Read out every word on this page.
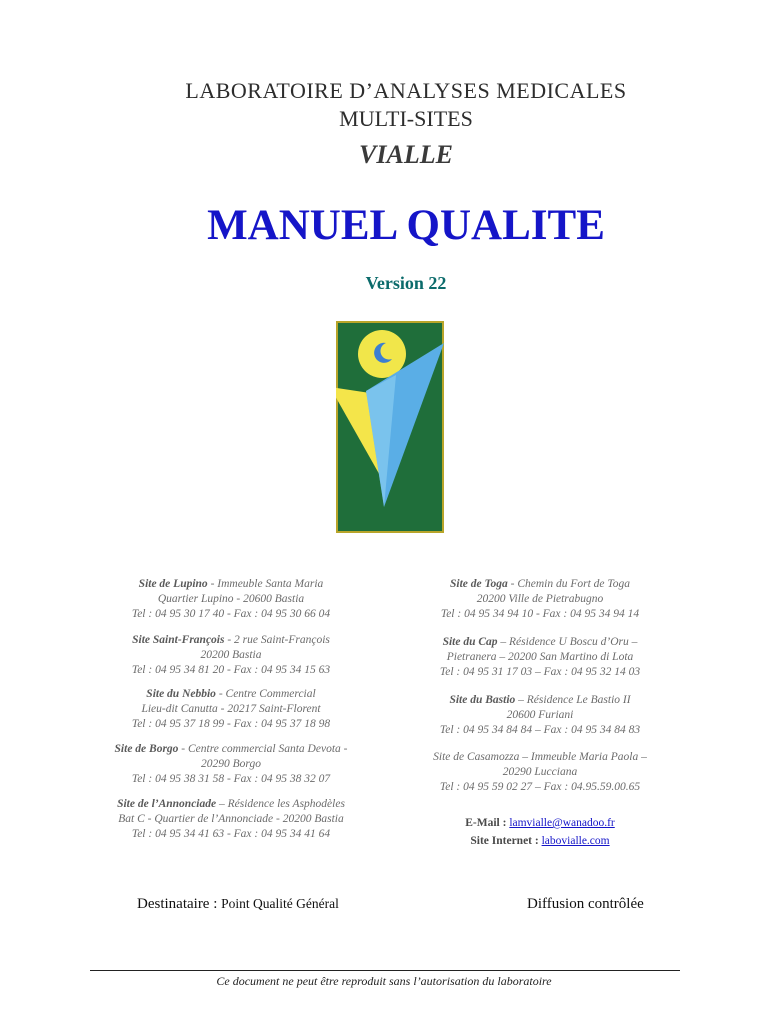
LABORATOIRE D’ANALYSES MEDICALES
MULTI-SITES
VIALLE
MANUEL QUALITE
Version 22
Site de Lupino - Immeuble Santa Maria
Quartier Lupino - 20600 Bastia
Tel : 04 95 30 17 40 - Fax : 04 95 30 66 04
Site Saint-François - 2 rue Saint-François
20200 Bastia
Tel : 04 95 34 81 20 - Fax : 04 95 34 15 63
Site du Nebbio - Centre Commercial
Lieu-dit Canutta - 20217 Saint-Florent
Tel : 04 95 37 18 99 - Fax : 04 95 37 18 98
Site de Borgo - Centre commercial Santa Devota -
20290 Borgo
Tel : 04 95 38 31 58 - Fax : 04 95 38 32 07
Site de l’Annonciade – Résidence les Asphodèles
Bat C - Quartier de l’Annonciade - 20200 Bastia
Tel : 04 95 34 41 63 - Fax : 04 95 34 41 64
Site de Toga - Chemin du Fort de Toga
20200 Ville de Pietrabugno
Tel : 04 95 34 94 10 - Fax : 04 95 34 94 14
Site du Cap – Résidence U Boscu d’Oru –
Pietranera – 20200 San Martino di Lota
Tel : 04 95 31 17 03 – Fax : 04 95 32 14 03
Site du Bastio – Résidence Le Bastio II
20600 Furiani
Tel : 04 95 34 84 84 – Fax : 04 95 34 84 83
Site de Casamozza – Immeuble Maria Paola –
20290 Lucciana
Tel : 04 95 59 02 27 – Fax : 04.95.59.00.65
E-Mail : lamvialle@wanadoo.fr
Site Internet : labovialle.com
Destinataire : Point Qualité Général	Diffusion contrôlée
Ce document ne peut être reproduit sans l’autorisation du laboratoire
